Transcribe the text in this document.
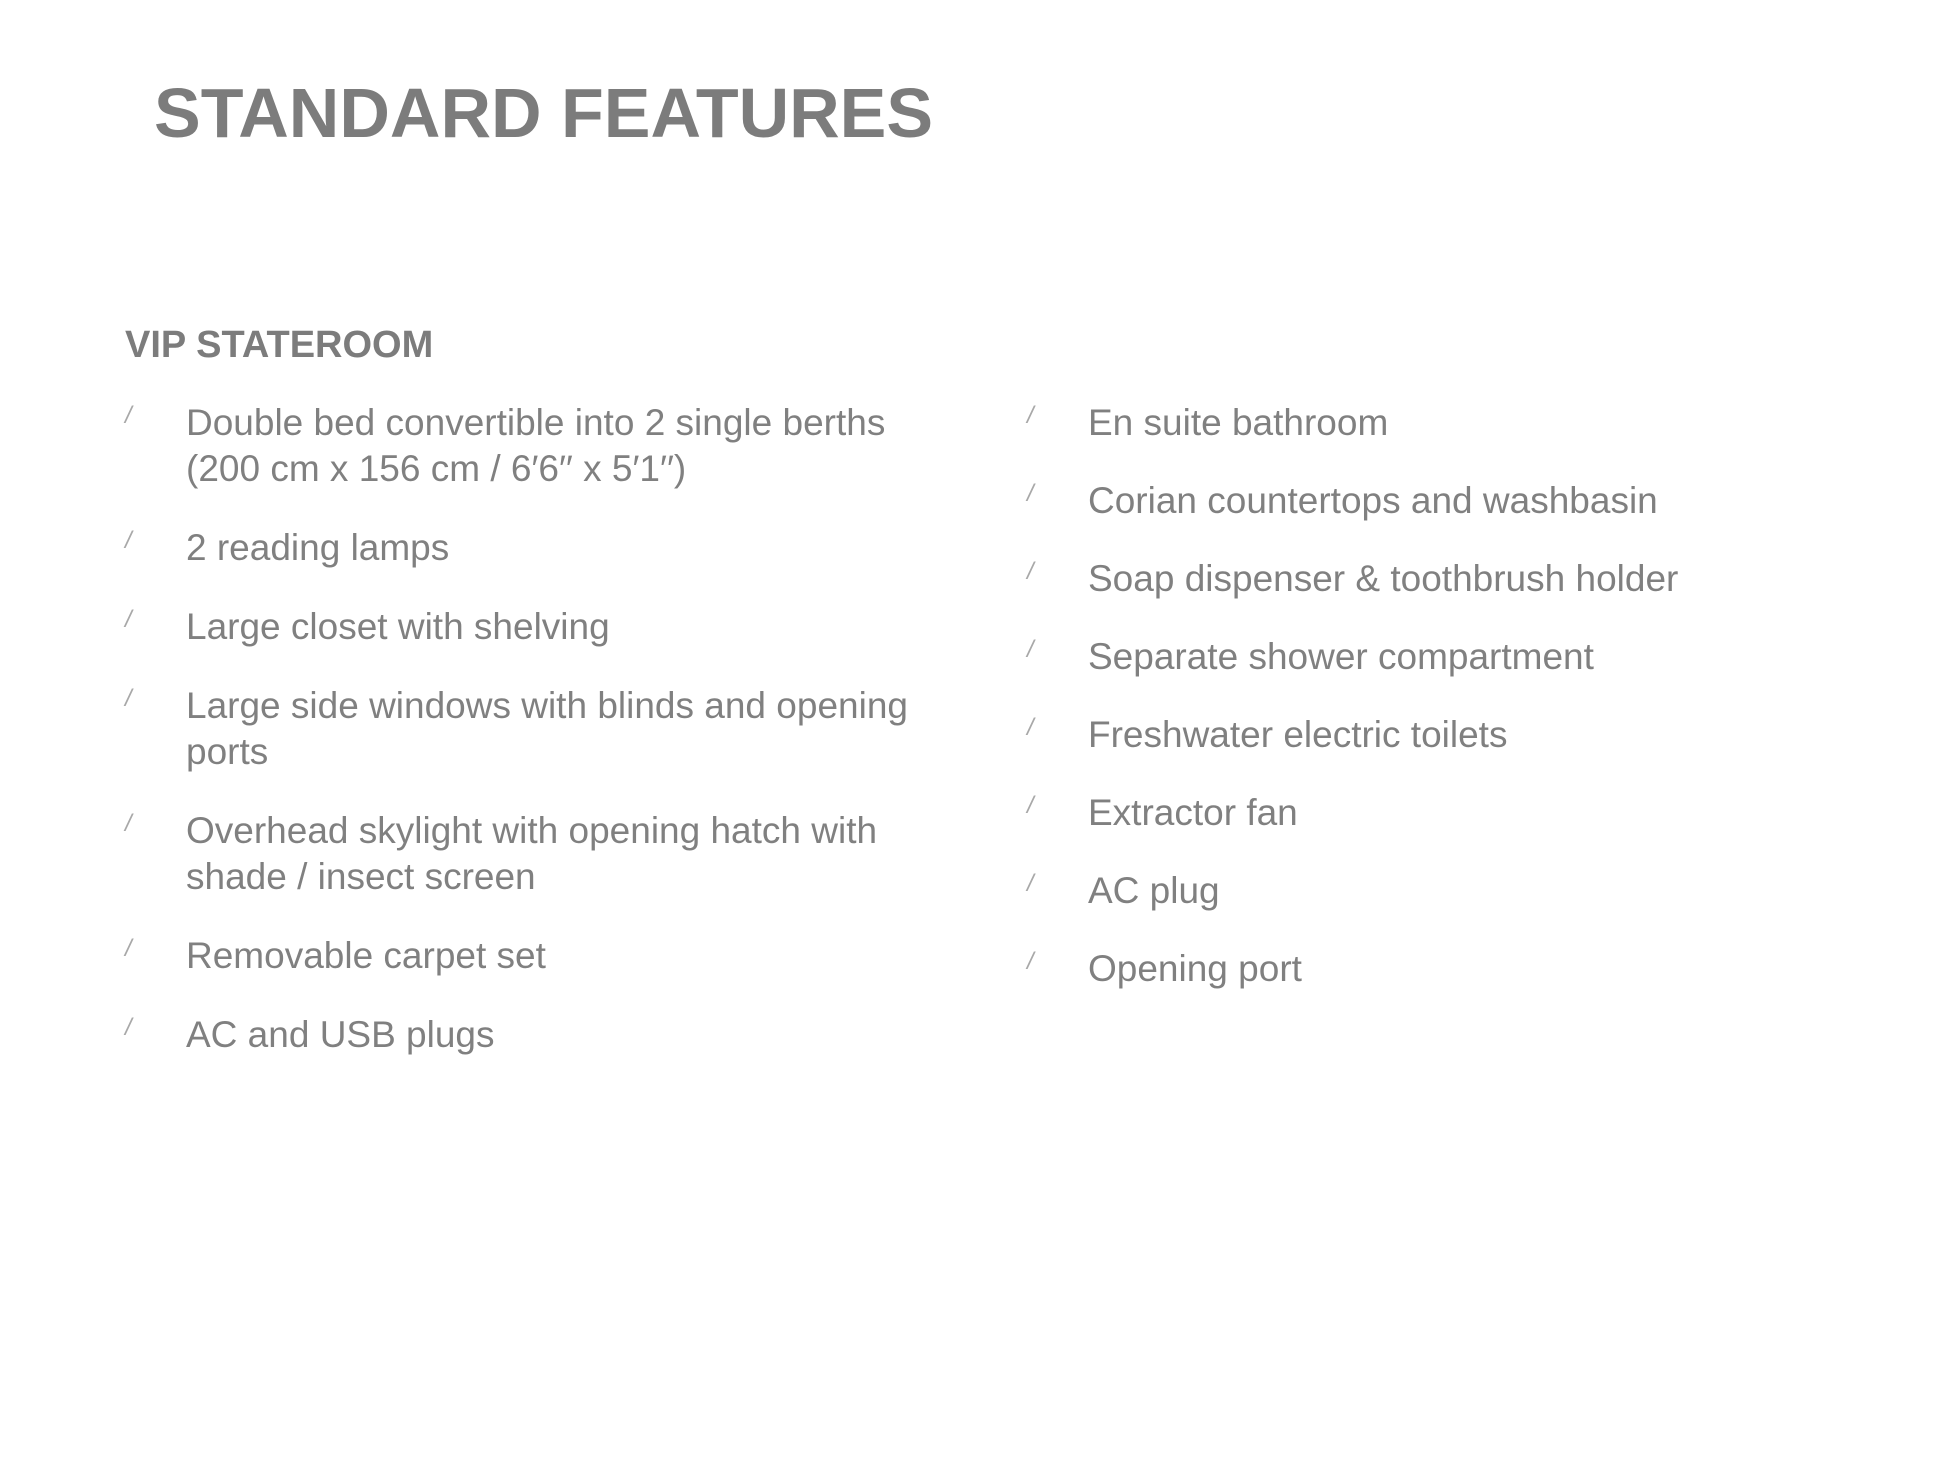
STANDARD FEATURES
VIP STATEROOM
/ Double bed convertible into 2 single berths (200 cm x 156 cm / 6′6′′ x 5′1′′)
/ 2 reading lamps
/ Large closet with shelving
/ Large side windows with blinds and opening ports
/ Overhead skylight with opening hatch with shade / insect screen
/ Removable carpet set
/ AC and USB plugs
/ En suite bathroom
/ Corian countertops and washbasin
/ Soap dispenser & toothbrush holder
/ Separate shower compartment
/ Freshwater electric toilets
/ Extractor fan
/ AC plug
/ Opening port
